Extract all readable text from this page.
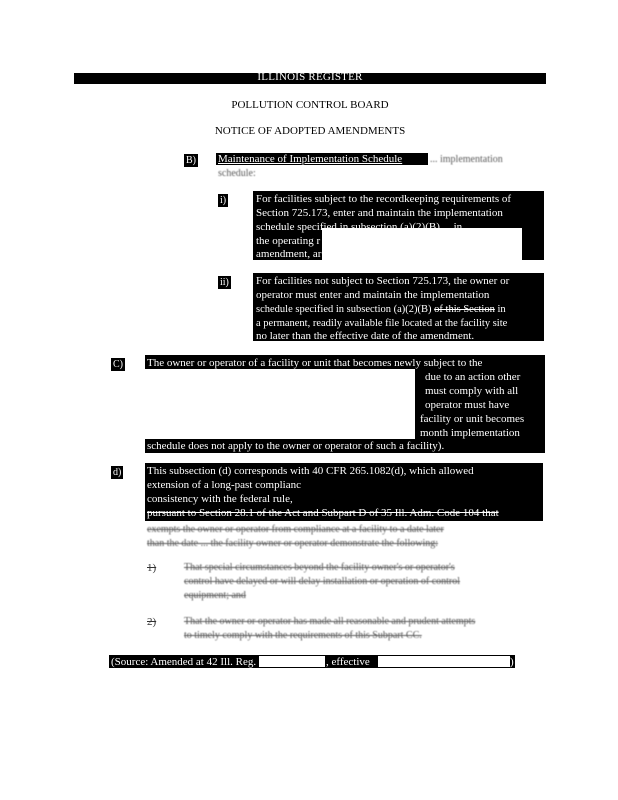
ILLINOIS REGISTER
POLLUTION CONTROL BOARD
NOTICE OF ADOPTED AMENDMENTS
B) Maintenance of Implementation Schedule	... implementation
schedule:
i)	For facilities subject to the recordkeeping requirements of
Section 725.173, enter and maintain the implementation
schedule specified in subsection (a)(2)(B) ... in
the operating r
amendment, ar
ii) For facilities not subject to Section 725.173, the owner or
operator must enter and maintain the implementation
schedule specified in subsection (a)(2)(B) of this Section in
a permanent, readily available file located at the facility site
no later than the effective date of the amendment.
C) The owner or operator of a facility or unit that becomes newly subject to the
due to an action other
must comply with all
operator must have
facility or unit becomes
month implementation
schedule does not apply to the owner or operator of such a facility).
d) This subsection (d) corresponds with 40 CFR 265.1082(d), which allowed
extension of a long-past complianc
consistency with the federal rule,
pursuant to Section 28.1 of the Act and Subpart D of 35 Ill. Adm. Code 104 that
exempts the owner or operator from compliance at a facility to a date later
than the date ... the facility owner or operator demonstrate the following:
1)	That special circumstances beyond the facility owner's or operator's
control have delayed or will delay installation or operation of control
equipment; and
2)	That the owner or operator has made all reasonable and prudent attempts
to timely comply with the requirements of this Subpart CC.
(Source: Amended at 42 Ill. Reg.	, effective	)
